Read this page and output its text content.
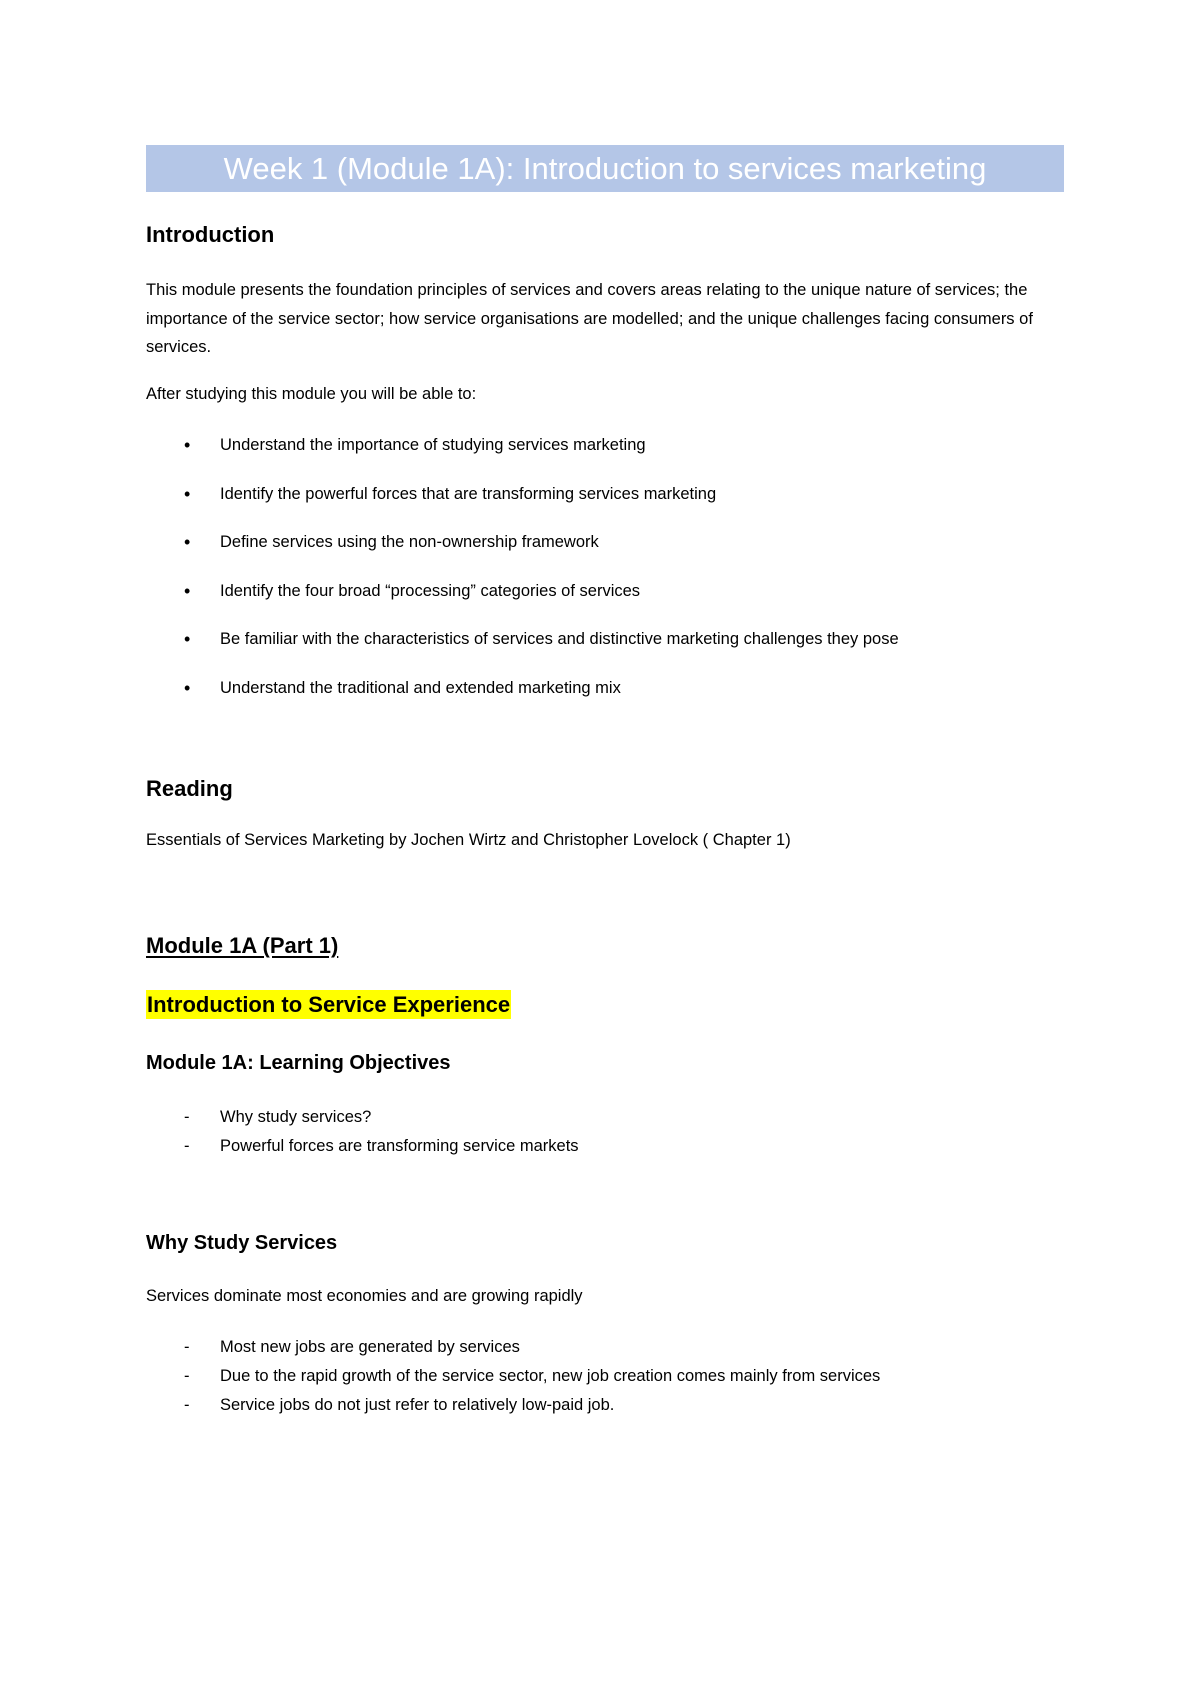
Week 1 (Module 1A): Introduction to services marketing
Introduction
This module presents the foundation principles of services and covers areas relating to the unique nature of services; the importance of the service sector; how service organisations are modelled; and the unique challenges facing consumers of services.
After studying this module you will be able to:
• Understand the importance of studying services marketing
• Identify the powerful forces that are transforming services marketing
• Define services using the non-ownership framework
• Identify the four broad “processing” categories of services
• Be familiar with the characteristics of services and distinctive marketing challenges they pose
• Understand the traditional and extended marketing mix
Reading
Essentials of Services Marketing by Jochen Wirtz and Christopher Lovelock ( Chapter 1)
Module 1A (Part 1)
Introduction to Service Experience
Module 1A: Learning Objectives
- Why study services?
- Powerful forces are transforming service markets
Why Study Services
Services dominate most economies and are growing rapidly
- Most new jobs are generated by services
- Due to the rapid growth of the service sector, new job creation comes mainly from services
- Service jobs do not just refer to relatively low-paid job.
